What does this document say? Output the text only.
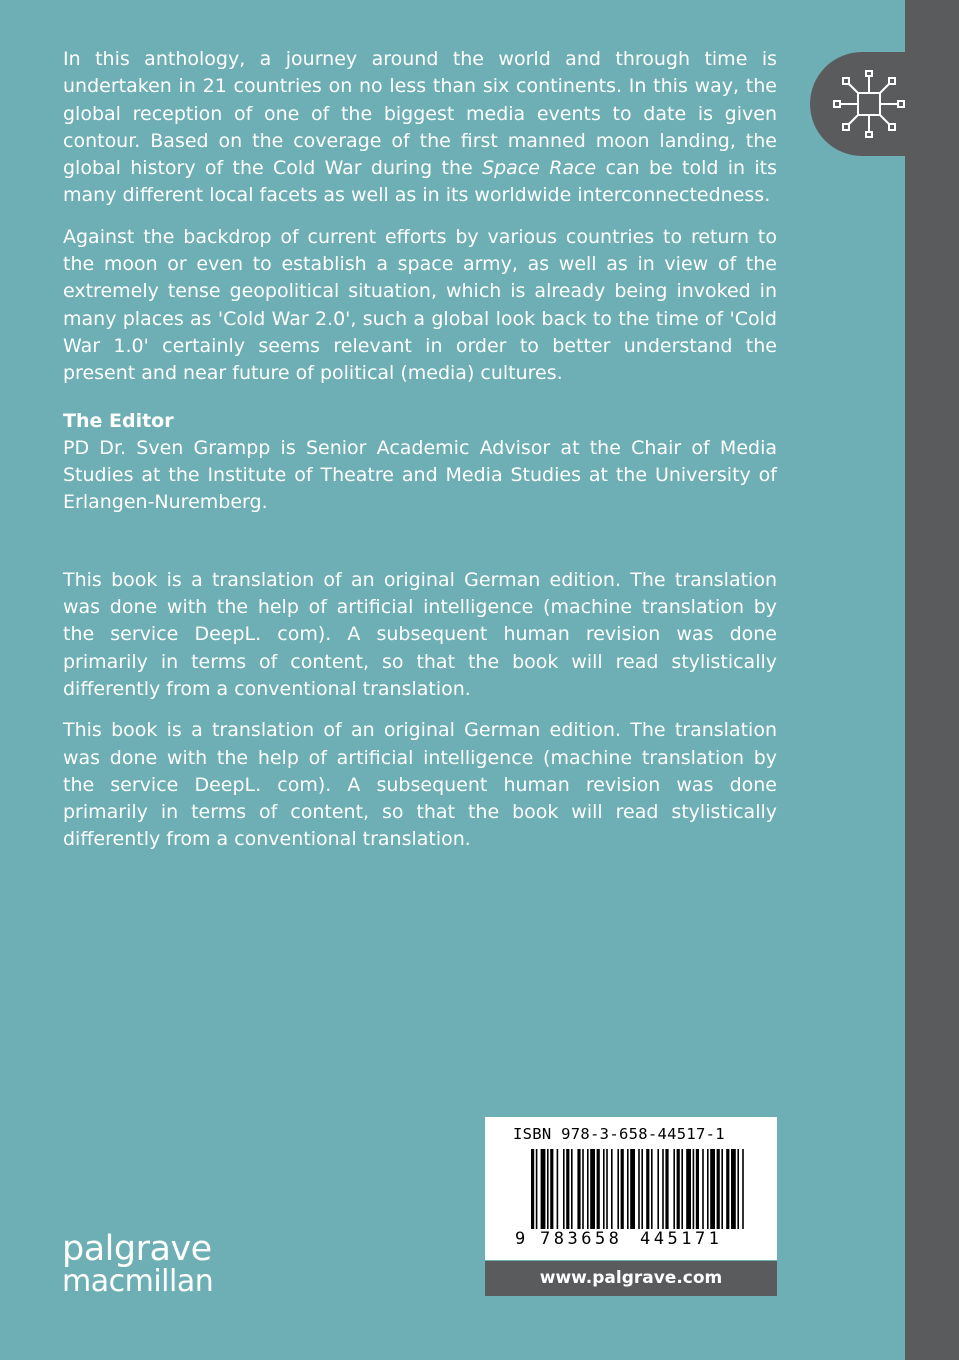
In this anthology, a journey around the world and through time is undertaken in 21 countries on no less than six continents. In this way, the global reception of one of the biggest media events to date is given contour. Based on the coverage of the first manned moon landing, the global history of the Cold War during the Space Race can be told in its many different local facets as well as in its worldwide interconnectedness.

Against the backdrop of current efforts by various countries to return to the moon or even to establish a space army, as well as in view of the extremely tense geopolitical situation, which is already being invoked in many places as 'Cold War 2.0', such a global look back to the time of 'Cold War 1.0' certainly seems relevant in order to better understand the present and near future of political (media) cultures.

The Editor

PD Dr. Sven Grampp is Senior Academic Advisor at the Chair of Media Studies at the Institute of Theatre and Media Studies at the University of Erlangen-Nuremberg.

This book is a translation of an original German edition. The translation was done with the help of artificial intelligence (machine translation by the service DeepL. com). A subsequent human revision was done primarily in terms of content, so that the book will read stylistically differently from a conventional translation.

This book is a translation of an original German edition. The translation was done with the help of artificial intelligence (machine translation by the service DeepL. com). A subsequent human revision was done primarily in terms of content, so that the book will read stylistically differently from a conventional translation.

ISBN 978-3-658-44517-1
9 783658 445171
www.palgrave.com
palgrave
macmillan
